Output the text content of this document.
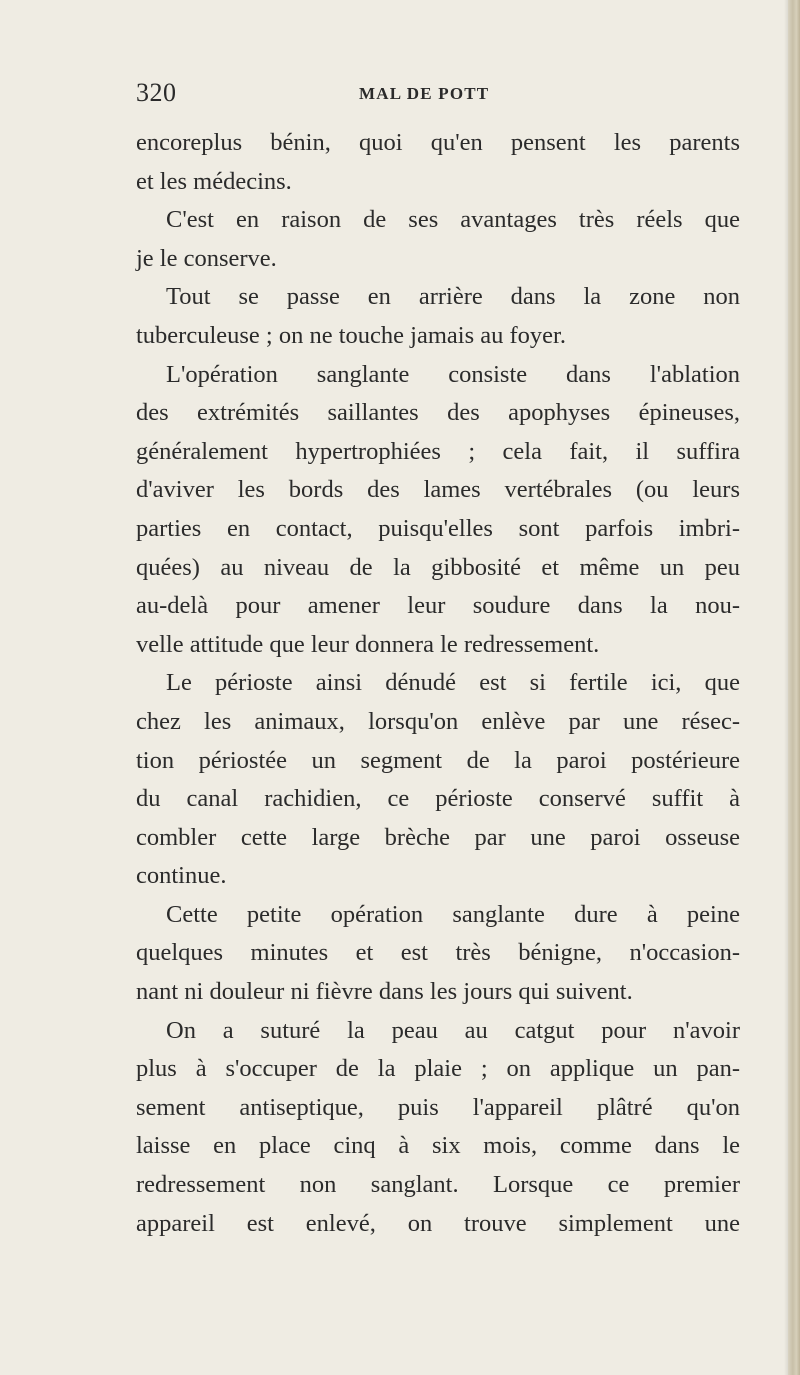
320	MAL DE POTT
encoreplus bénin, quoi qu'en pensent les parents
et les médecins.
C'est en raison de ses avantages très réels que
je le conserve.
Tout se passe en arrière dans la zone non
tuberculeuse ; on ne touche jamais au foyer.
L'opération sanglante consiste dans l'ablation
des extrémités saillantes des apophyses épineuses,
généralement hypertrophiées ; cela fait, il suffira
d'aviver les bords des lames vertébrales (ou leurs
parties en contact, puisqu'elles sont parfois imbri-
quées) au niveau de la gibbosité et même un peu
au-delà pour amener leur soudure dans la nou-
velle attitude que leur donnera le redressement.
Le périoste ainsi dénudé est si fertile ici, que
chez les animaux, lorsqu'on enlève par une résec-
tion périostée un segment de la paroi postérieure
du canal rachidien, ce périoste conservé suffit à
combler cette large brèche par une paroi osseuse
continue.
Cette petite opération sanglante dure à peine
quelques minutes et est très bénigne, n'occasion-
nant ni douleur ni fièvre dans les jours qui suivent.
On a suturé la peau au catgut pour n'avoir
plus à s'occuper de la plaie ; on applique un pan-
sement antiseptique, puis l'appareil plâtré qu'on
laisse en place cinq à six mois, comme dans le
redressement non sanglant. Lorsque ce premier
appareil est enlevé, on trouve simplement une
